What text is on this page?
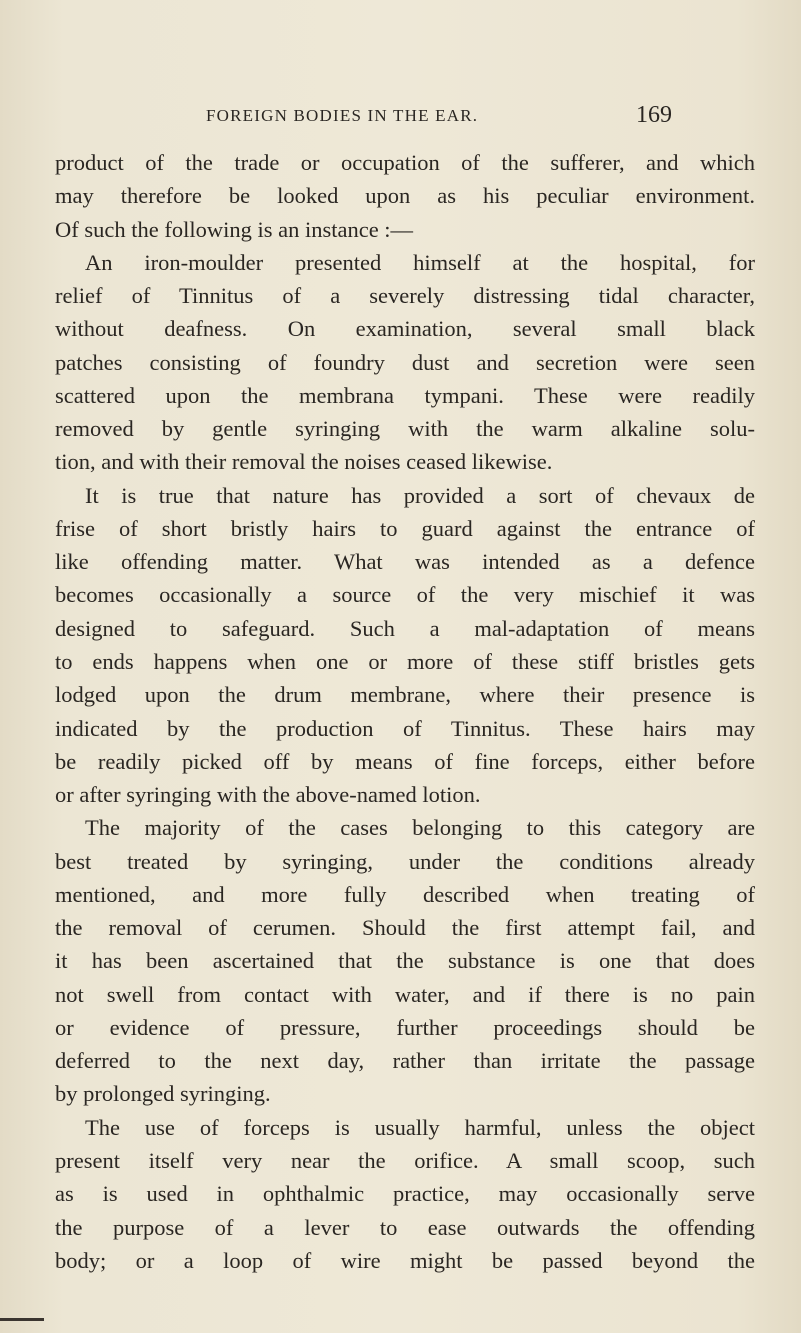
FOREIGN BODIES IN THE EAR.	169
product of the trade or occupation of the sufferer, and which
may therefore be looked upon as his peculiar environment.
Of such the following is an instance :—
An iron-moulder presented himself at the hospital, for
relief of Tinnitus of a severely distressing tidal character,
without deafness. On examination, several small black
patches consisting of foundry dust and secretion were seen
scattered upon the membrana tympani. These were readily
removed by gentle syringing with the warm alkaline solu-
tion, and with their removal the noises ceased likewise.
It is true that nature has provided a sort of chevaux de
frise of short bristly hairs to guard against the entrance of
like offending matter. What was intended as a defence
becomes occasionally a source of the very mischief it was
designed to safeguard. Such a mal-adaptation of means
to ends happens when one or more of these stiff bristles gets
lodged upon the drum membrane, where their presence is
indicated by the production of Tinnitus. These hairs may
be readily picked off by means of fine forceps, either before
or after syringing with the above-named lotion.
The majority of the cases belonging to this category are
best treated by syringing, under the conditions already
mentioned, and more fully described when treating of
the removal of cerumen. Should the first attempt fail, and
it has been ascertained that the substance is one that does
not swell from contact with water, and if there is no pain
or evidence of pressure, further proceedings should be
deferred to the next day, rather than irritate the passage
by prolonged syringing.
The use of forceps is usually harmful, unless the object
present itself very near the orifice. A small scoop, such
as is used in ophthalmic practice, may occasionally serve
the purpose of a lever to ease outwards the offending
body; or a loop of wire might be passed beyond the
